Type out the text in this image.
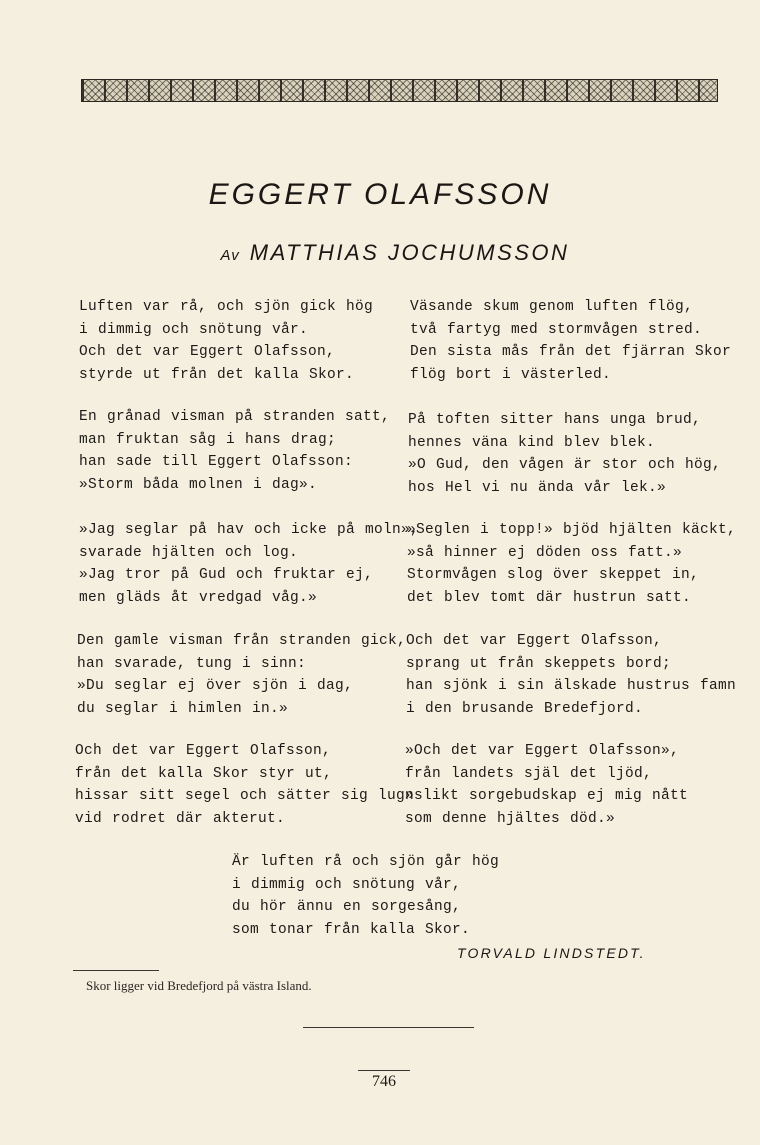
EGGERT OLAFSSON
Av MATTHIAS JOCHUMSSON
Luften var rå, och sjön gick hög
i dimmig och snötung vår.
Och det var Eggert Olafsson,
styrde ut från det kalla Skor.
En grånad visman på stranden satt,
man fruktan såg i hans drag;
han sade till Eggert Olafsson:
»Storm båda molnen i dag».
»Jag seglar på hav och icke på moln»,
svarade hjälten och log.
»Jag tror på Gud och fruktar ej,
men gläds åt vredgad våg.»
Den gamle visman från stranden gick,
han svarade, tung i sinn:
»Du seglar ej över sjön i dag,
du seglar i himlen in.»
Och det var Eggert Olafsson,
från det kalla Skor styr ut,
hissar sitt segel och sätter sig lugn
vid rodret där akterut.
Väsande skum genom luften flög,
två fartyg med stormvågen stred.
Den sista mås från det fjärran Skor
flög bort i västerled.
På toften sitter hans unga brud,
hennes väna kind blev blek.
»O Gud, den vågen är stor och hög,
hos Hel vi nu ända vår lek.»
»Seglen i topp!» bjöd hjälten käckt,
»så hinner ej döden oss fatt.»
Stormvågen slog över skeppet in,
det blev tomt där hustrun satt.
Och det var Eggert Olafsson,
sprang ut från skeppets bord;
han sjönk i sin älskade hustrus famn
i den brusande Bredefjord.
»Och det var Eggert Olafsson»,
från landets själ det ljöd,
»slikt sorgebudskap ej mig nått
som denne hjältes död.»
Är luften rå och sjön går hög
i dimmig och snötung vår,
du hör ännu en sorgesång,
som tonar från kalla Skor.
TORVALD LINDSTEDT.
Skor ligger vid Bredefjord på västra Island.
746
